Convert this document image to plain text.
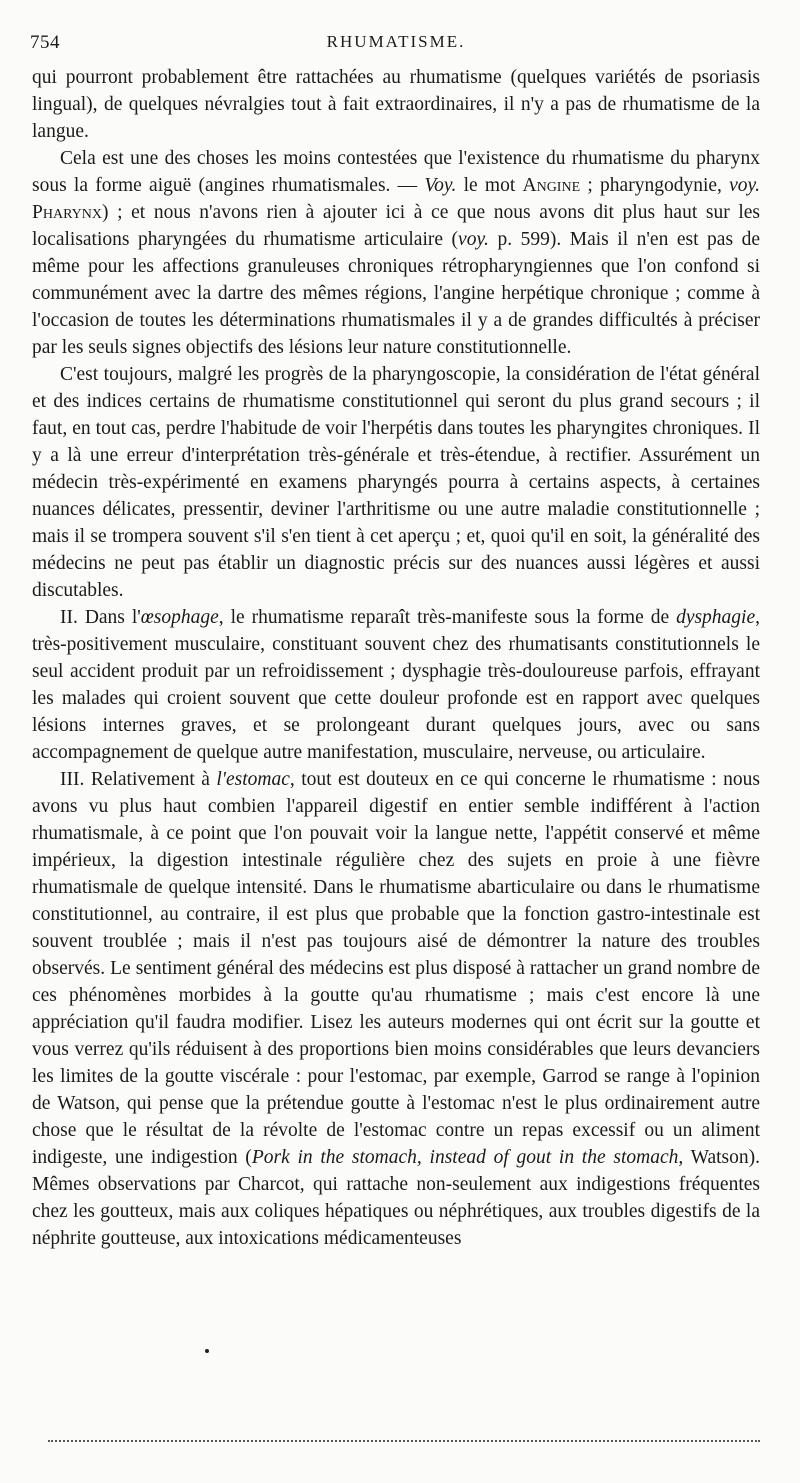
754	RHUMATISME.

qui pourront probablement être rattachées au rhumatisme (quelques variétés de psoriasis lingual), de quelques névralgies tout à fait extraordinaires, il n'y a pas de rhumatisme de la langue.

Cela est une des choses les moins contestées que l'existence du rhumatisme du pharynx sous la forme aiguë (angines rhumatismales. — Voy. le mot Angine ; pharyngodynie, voy. Pharynx) ; et nous n'avons rien à ajouter ici à ce que nous avons dit plus haut sur les localisations pharyngées du rhumatisme articulaire (voy. p. 599). Mais il n'en est pas de même pour les affections granuleuses chroniques rétropharyngiennes que l'on confond si communément avec la dartre des mêmes régions, l'angine herpétique chronique ; comme à l'occasion de toutes les déterminations rhumatismales il y a de grandes difficultés à préciser par les seuls signes objectifs des lésions leur nature constitutionnelle.

C'est toujours, malgré les progrès de la pharyngoscopie, la considération de l'état général et des indices certains de rhumatisme constitutionnel qui seront du plus grand secours ; il faut, en tout cas, perdre l'habitude de voir l'herpétis dans toutes les pharyngites chroniques. Il y a là une erreur d'interprétation très-générale et très-étendue, à rectifier. Assurément un médecin très-expérimenté en examens pharyngés pourra à certains aspects, à certaines nuances délicates, pressentir, deviner l'arthritisme ou une autre maladie constitutionnelle ; mais il se trompera souvent s'il s'en tient à cet aperçu ; et, quoi qu'il en soit, la généralité des médecins ne peut pas établir un diagnostic précis sur des nuances aussi légères et aussi discutables.

II. Dans l'œsophage, le rhumatisme reparaît très-manifeste sous la forme de dysphagie, très-positivement musculaire, constituant souvent chez des rhumatisants constitutionnels le seul accident produit par un refroidissement ; dysphagie très-douloureuse parfois, effrayant les malades qui croient souvent que cette douleur profonde est en rapport avec quelques lésions internes graves, et se prolongeant durant quelques jours, avec ou sans accompagnement de quelque autre manifestation, musculaire, nerveuse, ou articulaire.

III. Relativement à l'estomac, tout est douteux en ce qui concerne le rhumatisme : nous avons vu plus haut combien l'appareil digestif en entier semble indifférent à l'action rhumatismale, à ce point que l'on pouvait voir la langue nette, l'appétit conservé et même impérieux, la digestion intestinale régulière chez des sujets en proie à une fièvre rhumatismale de quelque intensité. Dans le rhumatisme abarticulaire ou dans le rhumatisme constitutionnel, au contraire, il est plus que probable que la fonction gastro-intestinale est souvent troublée ; mais il n'est pas toujours aisé de démontrer la nature des troubles observés. Le sentiment général des médecins est plus disposé à rattacher un grand nombre de ces phénomènes morbides à la goutte qu'au rhumatisme ; mais c'est encore là une appréciation qu'il faudra modifier. Lisez les auteurs modernes qui ont écrit sur la goutte et vous verrez qu'ils réduisent à des proportions bien moins considérables que leurs devanciers les limites de la goutte viscérale : pour l'estomac, par exemple, Garrod se range à l'opinion de Watson, qui pense que la prétendue goutte à l'estomac n'est le plus ordinairement autre chose que le résultat de la révolte de l'estomac contre un repas excessif ou un aliment indigeste, une indigestion (Pork in the stomach, instead of gout in the stomach, Watson). Mêmes observations par Charcot, qui rattache non-seulement aux indigestions fréquentes chez les goutteux, mais aux coliques hépatiques ou néphrétiques, aux troubles digestifs de la néphrite goutteuse, aux intoxications médicamenteuses
